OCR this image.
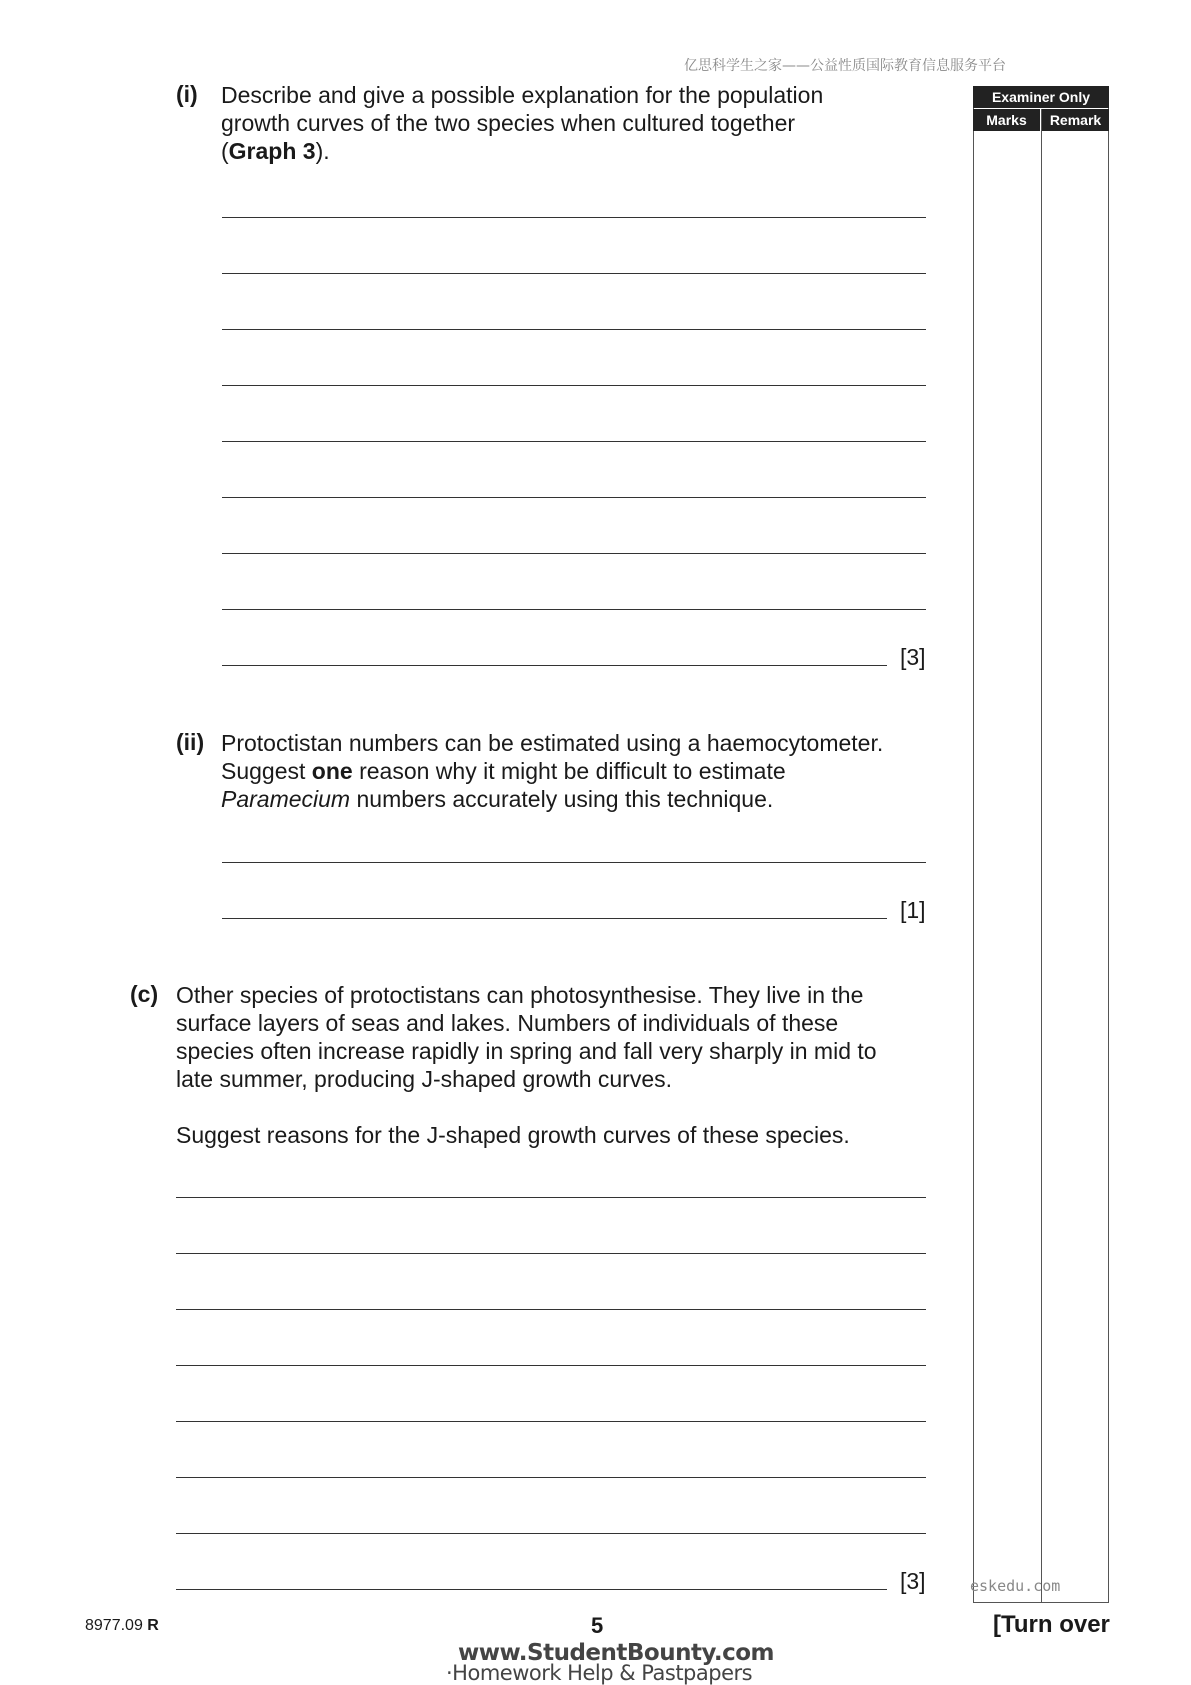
亿思科学生之家——公益性质国际教育信息服务平台
Examiner Only
Marks	Remark
(i) Describe and give a possible explanation for the population
growth curves of the two species when cultured together
(Graph 3).
[3]
(ii) Protoctistan numbers can be estimated using a haemocytometer.
Suggest one reason why it might be difficult to estimate
Paramecium numbers accurately using this technique.
[1]
(c) Other species of protoctistans can photosynthesise. They live in the
surface layers of seas and lakes. Numbers of individuals of these
species often increase rapidly in spring and fall very sharply in mid to
late summer, producing J-shaped growth curves.
Suggest reasons for the J-shaped growth curves of these species.
[3]	eskedu.com
8977.09 R	5	[Turn over
www.StudentBounty.com
·Homework Help & Pastpapers
